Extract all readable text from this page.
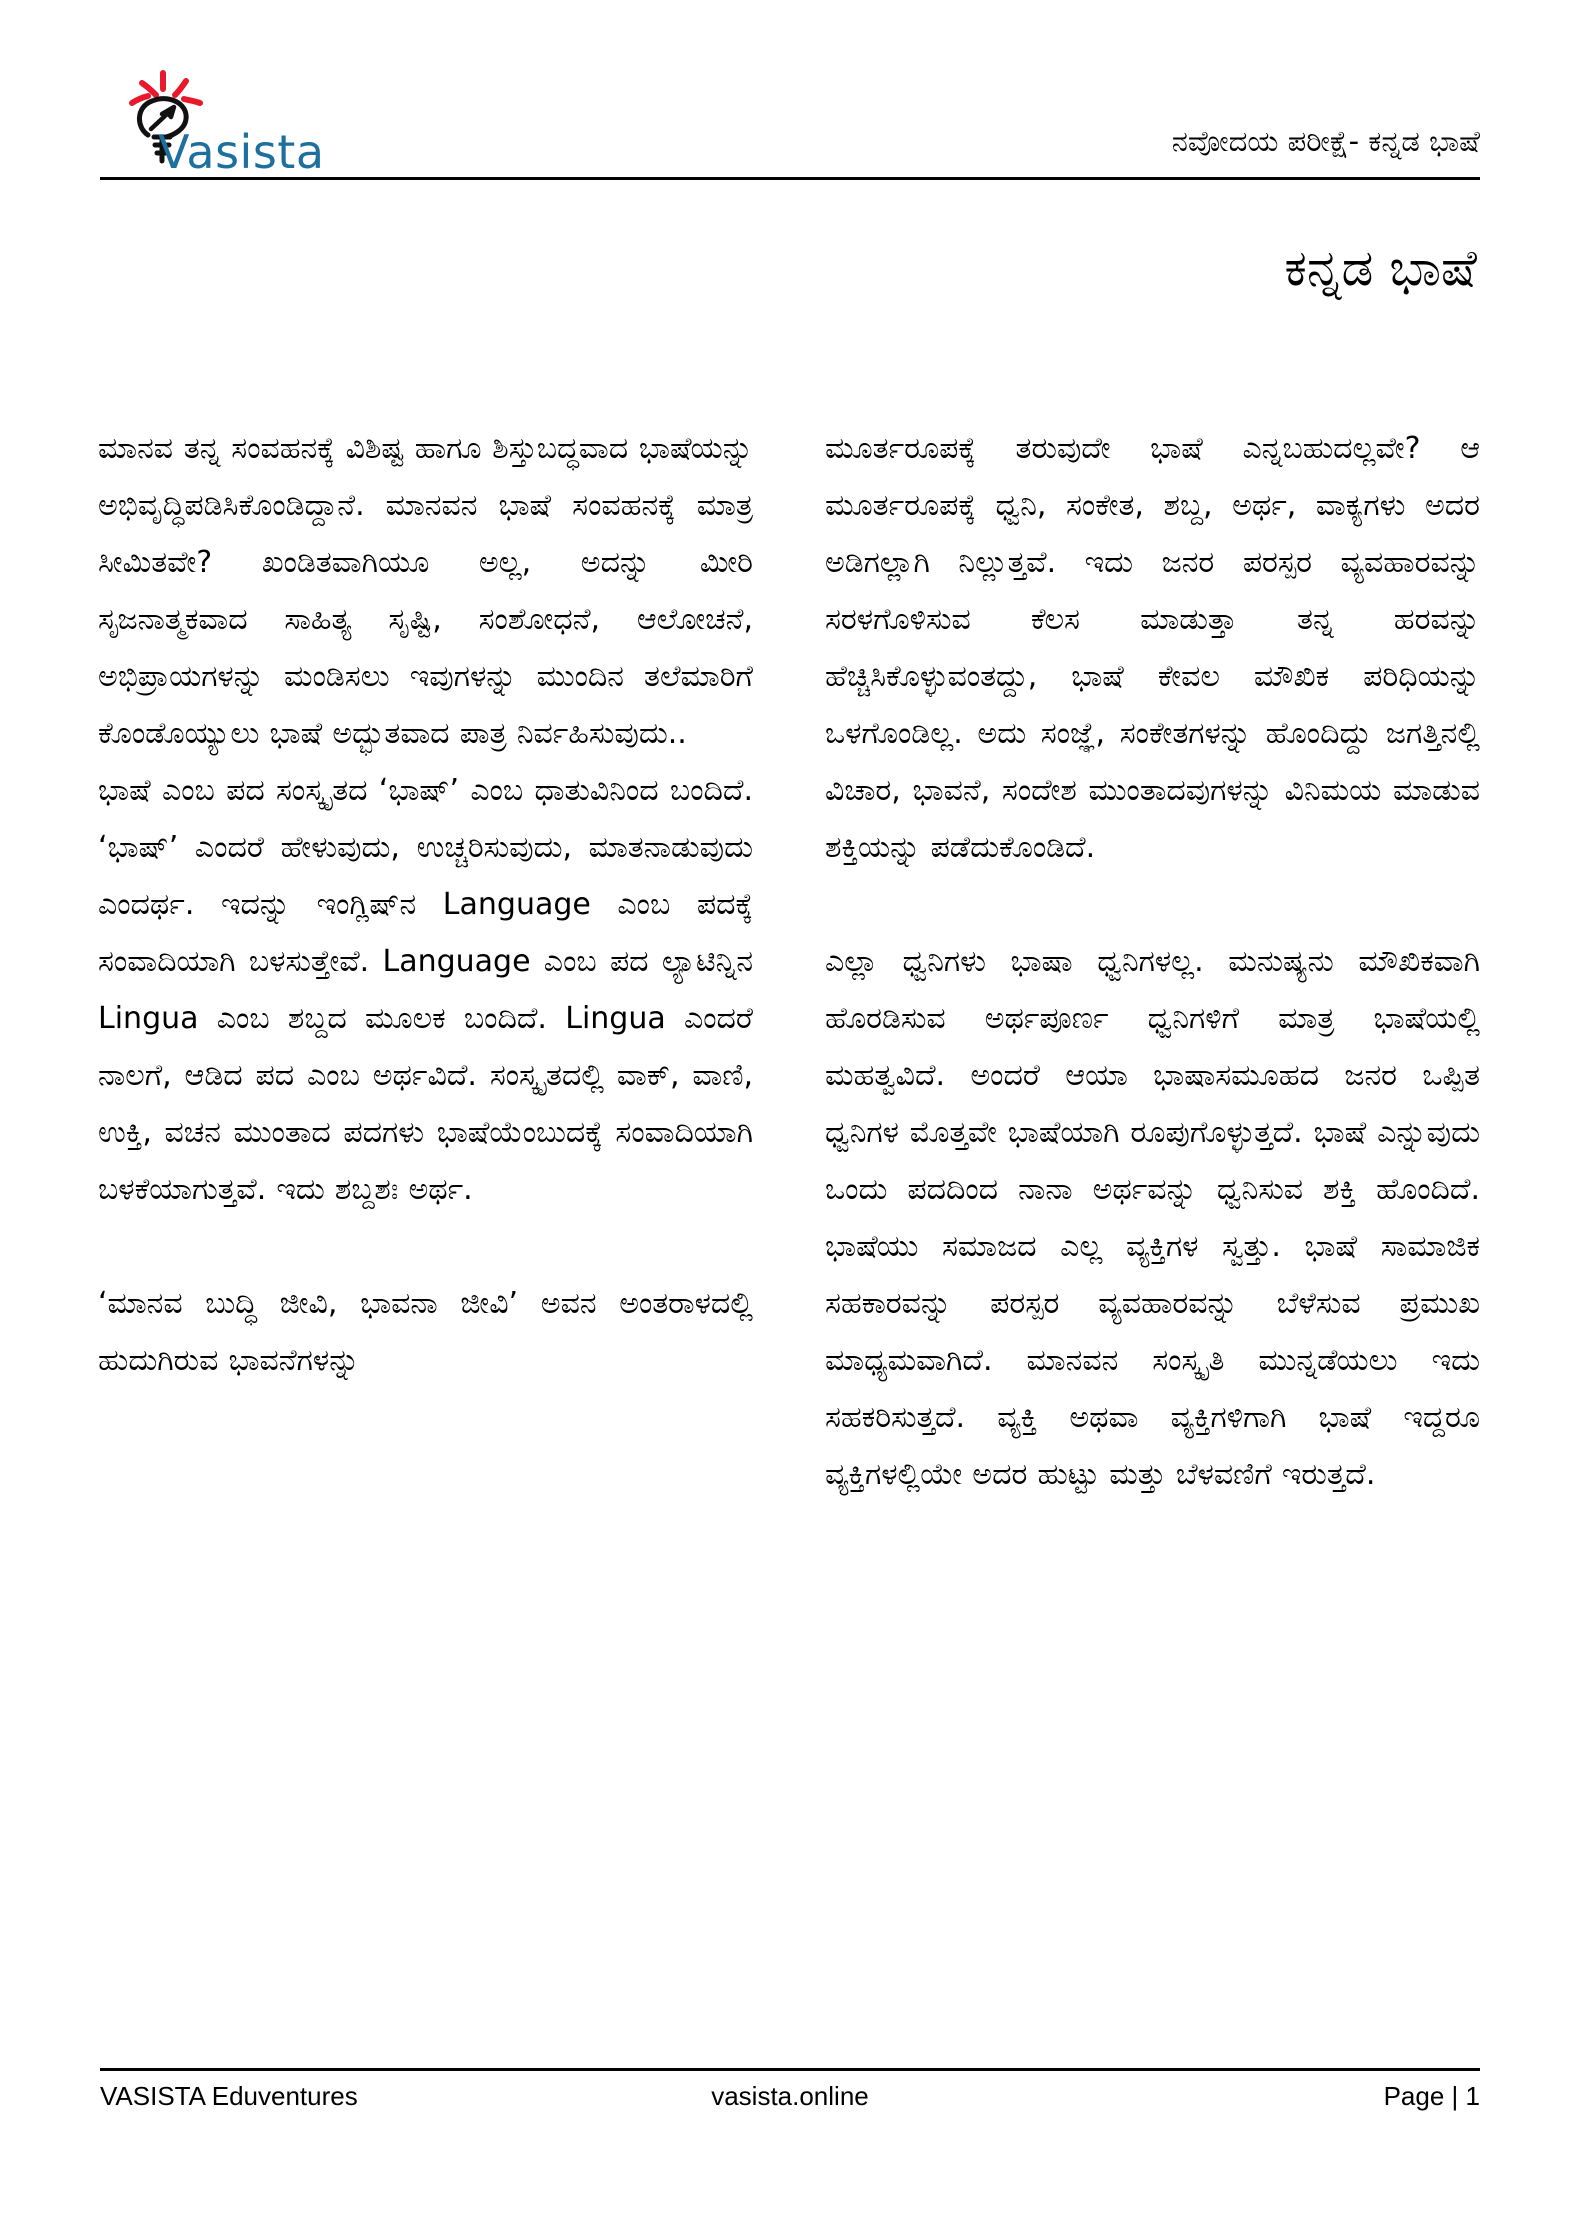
Vasista	ನವೋದಯ ಪರೀಕ್ಷೆ- ಕನ್ನಡ ಭಾಷೆ
ಕನ್ನಡ ಭಾಷೆ

ಮಾನವ ತನ್ನ ಸಂವಹನಕ್ಕೆ ವಿಶಿಷ್ಟ ಹಾಗೂ ಶಿಸ್ತುಬದ್ಧವಾದ ಭಾಷೆಯನ್ನು ಅಭಿವೃದ್ಧಿಪಡಿಸಿಕೊಂಡಿದ್ದಾನೆ. ಮಾನವನ ಭಾಷೆ ಸಂವಹನಕ್ಕೆ ಮಾತ್ರ ಸೀಮಿತವೇ? ಖಂಡಿತವಾಗಿಯೂ ಅಲ್ಲ, ಅದನ್ನು ಮೀರಿ ಸೃಜನಾತ್ಮಕವಾದ ಸಾಹಿತ್ಯ ಸೃಷ್ಟಿ, ಸಂಶೋಧನೆ, ಆಲೋಚನೆ, ಅಭಿಪ್ರಾಯಗಳನ್ನು ಮಂಡಿಸಲು ಇವುಗಳನ್ನು ಮುಂದಿನ ತಲೆಮಾರಿಗೆ ಕೊಂಡೊಯ್ಯುಲು ಭಾಷೆ ಅದ್ಭುತವಾದ ಪಾತ್ರ ನಿರ್ವಹಿಸುವುದು..

ಭಾಷೆ ಎಂಬ ಪದ ಸಂಸ್ಕೃತದ ‘ಭಾಷ್’ ಎಂಬ ಧಾತುವಿನಿಂದ ಬಂದಿದೆ. ‘ಭಾಷ್’ ಎಂದರೆ ಹೇಳುವುದು, ಉಚ್ಚರಿಸುವುದು, ಮಾತನಾಡುವುದು ಎಂದರ್ಥ. ಇದನ್ನು ಇಂಗ್ಲಿಷ್‌ನ Language ಎಂಬ ಪದಕ್ಕೆ ಸಂವಾದಿಯಾಗಿ ಬಳಸುತ್ತೇವೆ. Language ಎಂಬ ಪದ ಲ್ಯಾಟಿನ್ನಿನ Lingua ಎಂಬ ಶಬ್ದದ ಮೂಲಕ ಬಂದಿದೆ. Lingua ಎಂದರೆ ನಾಲಗೆ, ಆಡಿದ ಪದ ಎಂಬ ಅರ್ಥವಿದೆ. ಸಂಸ್ಕೃತದಲ್ಲಿ ವಾಕ್, ವಾಣಿ, ಉಕ್ತಿ, ವಚನ ಮುಂತಾದ ಪದಗಳು ಭಾಷೆಯೆಂಬುದಕ್ಕೆ ಸಂವಾದಿಯಾಗಿ ಬಳಕೆಯಾಗುತ್ತವೆ. ಇದು ಶಬ್ದಶಃ ಅರ್ಥ.

‘ಮಾನವ ಬುದ್ಧಿ ಜೀವಿ, ಭಾವನಾ ಜೀವಿ’ ಅವನ ಅಂತರಾಳದಲ್ಲಿ ಹುದುಗಿರುವ ಭಾವನೆಗಳನ್ನು

ಮೂರ್ತರೂಪಕ್ಕೆ ತರುವುದೇ ಭಾಷೆ ಎನ್ನಬಹುದಲ್ಲವೇ? ಆ ಮೂರ್ತರೂಪಕ್ಕೆ ಧ್ವನಿ, ಸಂಕೇತ, ಶಬ್ದ, ಅರ್ಥ, ವಾಕ್ಯಗಳು ಅದರ ಅಡಿಗಲ್ಲಾಗಿ ನಿಲ್ಲುತ್ತವೆ. ಇದು ಜನರ ಪರಸ್ಪರ ವ್ಯವಹಾರವನ್ನು ಸರಳಗೊಳಿಸುವ ಕೆಲಸ ಮಾಡುತ್ತಾ ತನ್ನ ಹರವನ್ನು ಹೆಚ್ಚಿಸಿಕೊಳ್ಳುವಂತದ್ದು, ಭಾಷೆ ಕೇವಲ ಮೌಖಿಕ ಪರಿಧಿಯನ್ನು ಒಳಗೊಂಡಿಲ್ಲ. ಅದು ಸಂಜ್ಞೆ, ಸಂಕೇತಗಳನ್ನು ಹೊಂದಿದ್ದು ಜಗತ್ತಿನಲ್ಲಿ ವಿಚಾರ, ಭಾವನೆ, ಸಂದೇಶ ಮುಂತಾದವುಗಳನ್ನು ವಿನಿಮಯ ಮಾಡುವ ಶಕ್ತಿಯನ್ನು ಪಡೆದುಕೊಂಡಿದೆ.

ಎಲ್ಲಾ ಧ್ವನಿಗಳು ಭಾಷಾ ಧ್ವನಿಗಳಲ್ಲ. ಮನುಷ್ಯನು ಮೌಖಿಕವಾಗಿ ಹೊರಡಿಸುವ ಅರ್ಥಪೂರ್ಣ ಧ್ವನಿಗಳಿಗೆ ಮಾತ್ರ ಭಾಷೆಯಲ್ಲಿ ಮಹತ್ವವಿದೆ. ಅಂದರೆ ಆಯಾ ಭಾಷಾಸಮೂಹದ ಜನರ ಒಪ್ಪಿತ ಧ್ವನಿಗಳ ಮೊತ್ತವೇ ಭಾಷೆಯಾಗಿ ರೂಪುಗೊಳ್ಳುತ್ತದೆ. ಭಾಷೆ ಎನ್ನುವುದು ಒಂದು ಪದದಿಂದ ನಾನಾ ಅರ್ಥವನ್ನು ಧ್ವನಿಸುವ ಶಕ್ತಿ ಹೊಂದಿದೆ. ಭಾಷೆಯು ಸಮಾಜದ ಎಲ್ಲ ವ್ಯಕ್ತಿಗಳ ಸ್ವತ್ತು. ಭಾಷೆ ಸಾಮಾಜಿಕ ಸಹಕಾರವನ್ನು ಪರಸ್ಪರ ವ್ಯವಹಾರವನ್ನು ಬೆಳೆಸುವ ಪ್ರಮುಖ ಮಾಧ್ಯಮವಾಗಿದೆ. ಮಾನವನ ಸಂಸ್ಕೃತಿ ಮುನ್ನಡೆಯಲು ಇದು ಸಹಕರಿಸುತ್ತದೆ. ವ್ಯಕ್ತಿ ಅಥವಾ ವ್ಯಕ್ತಿಗಳಿಗಾಗಿ ಭಾಷೆ ಇದ್ದರೂ ವ್ಯಕ್ತಿಗಳಲ್ಲಿಯೇ ಅದರ ಹುಟ್ಟು ಮತ್ತು ಬೆಳವಣಿಗೆ ಇರುತ್ತದೆ.

VASISTA Eduventures	vasista.online	Page | 1
